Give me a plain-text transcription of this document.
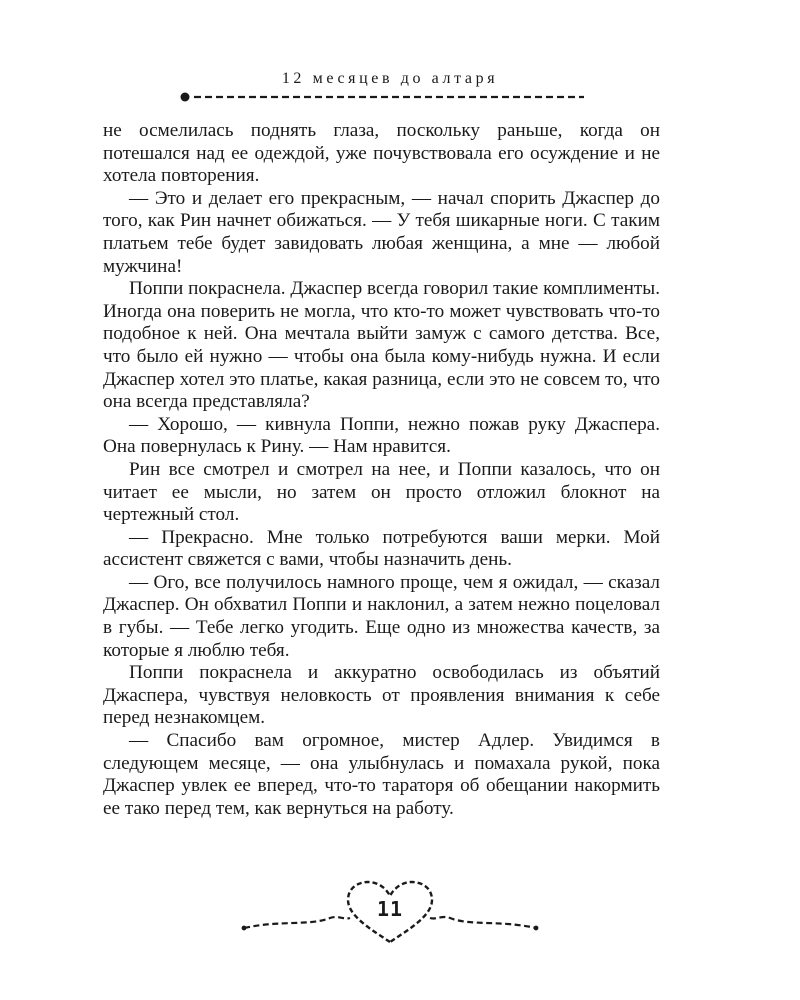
12 месяцев до алтаря

не осмелилась поднять глаза, поскольку раньше, когда он потешался над ее одеждой, уже почувствовала его осуждение и не хотела повторения.

— Это и делает его прекрасным, — начал спорить Джаспер до того, как Рин начнет обижаться. — У тебя шикарные ноги. С таким платьем тебе будет завидовать любая женщина, а мне — любой мужчина!

Поппи покраснела. Джаспер всегда говорил такие комплименты. Иногда она поверить не могла, что кто-то может чувствовать что-то подобное к ней. Она мечтала выйти замуж с самого детства. Все, что было ей нужно — чтобы она была кому-нибудь нужна. И если Джаспер хотел это платье, какая разница, если это не совсем то, что она всегда представляла?

— Хорошо, — кивнула Поппи, нежно пожав руку Джаспера. Она повернулась к Рину. — Нам нравится.

Рин все смотрел и смотрел на нее, и Поппи казалось, что он читает ее мысли, но затем он просто отложил блокнот на чертежный стол.

— Прекрасно. Мне только потребуются ваши мерки. Мой ассистент свяжется с вами, чтобы назначить день.

— Ого, все получилось намного проще, чем я ожидал, — сказал Джаспер. Он обхватил Поппи и наклонил, а затем нежно поцеловал в губы. — Тебе легко угодить. Еще одно из множества качеств, за которые я люблю тебя.

Поппи покраснела и аккуратно освободилась из объятий Джаспера, чувствуя неловкость от проявления внимания к себе перед незнакомцем.

— Спасибо вам огромное, мистер Адлер. Увидимся в следующем месяце, — она улыбнулась и помахала рукой, пока Джаспер увлек ее вперед, что-то тараторя об обещании накормить ее тако перед тем, как вернуться на работу.

11
